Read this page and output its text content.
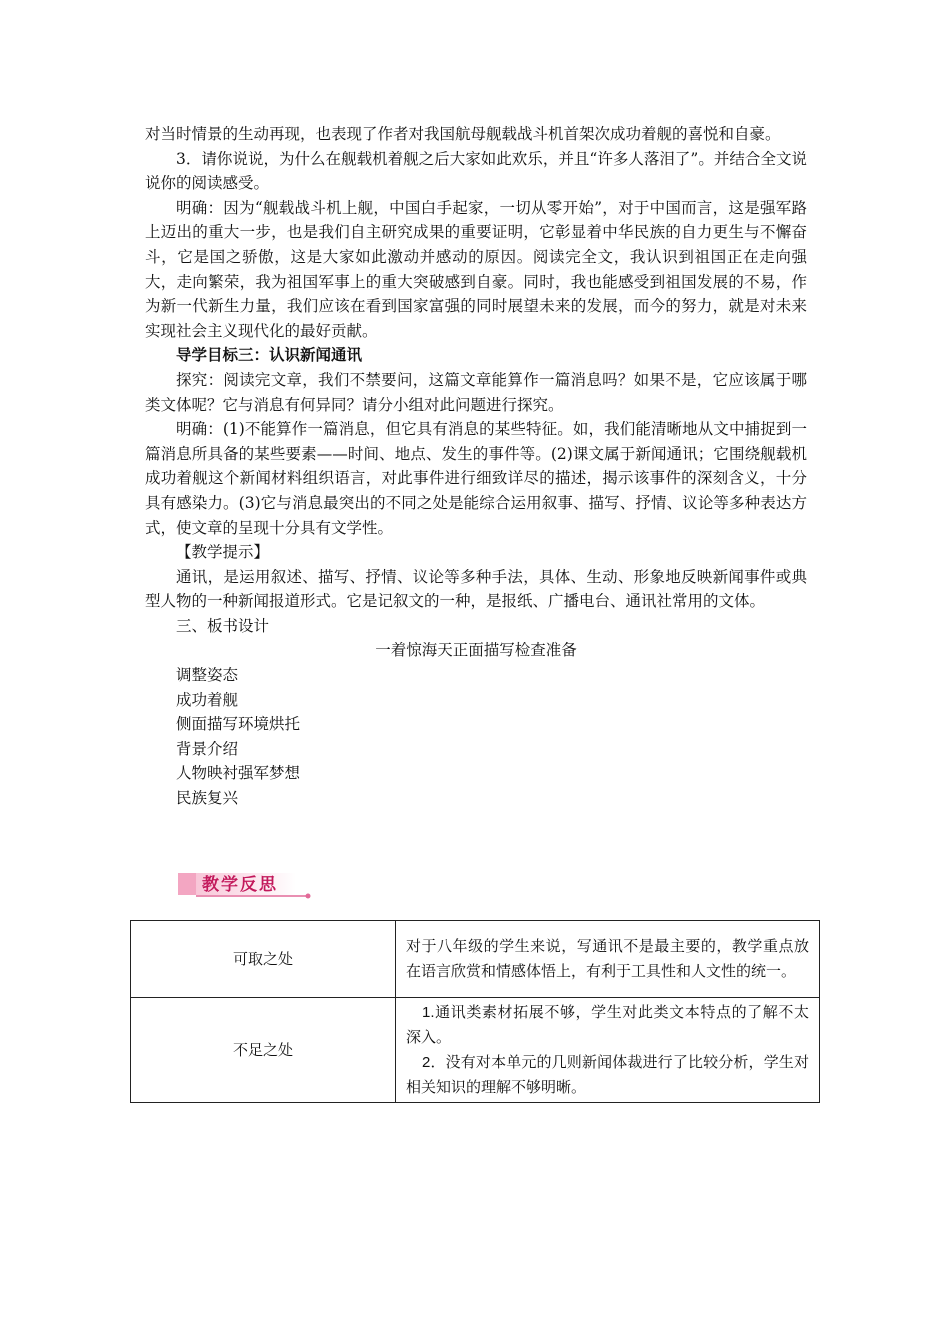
对当时情景的生动再现，也表现了作者对我国航母舰载战斗机首架次成功着舰的喜悦和自豪。

3．请你说说，为什么在舰载机着舰之后大家如此欢乐，并且“许多人落泪了”。并结合全文说说你的阅读感受。

明确：因为“舰载战斗机上舰，中国白手起家，一切从零开始”，对于中国而言，这是强军路上迈出的重大一步，也是我们自主研究成果的重要证明，它彰显着中华民族的自力更生与不懈奋斗，它是国之骄傲，这是大家如此激动并感动的原因。阅读完全文，我认识到祖国正在走向强大，走向繁荣，我为祖国军事上的重大突破感到自豪。同时，我也能感受到祖国发展的不易，作为新一代新生力量，我们应该在看到国家富强的同时展望未来的发展，而今的努力，就是对未来实现社会主义现代化的最好贡献。

导学目标三：认识新闻通讯

探究：阅读完文章，我们不禁要问，这篇文章能算作一篇消息吗？如果不是，它应该属于哪类文体呢？它与消息有何异同？请分小组对此问题进行探究。

明确：(1)不能算作一篇消息，但它具有消息的某些特征。如，我们能清晰地从文中捕捉到一篇消息所具备的某些要素——时间、地点、发生的事件等。(2)课文属于新闻通讯；它围绕舰载机成功着舰这个新闻材料组织语言，对此事件进行细致详尽的描述，揭示该事件的深刻含义，十分具有感染力。(3)它与消息最突出的不同之处是能综合运用叙事、描写、抒情、议论等多种表达方式，使文章的呈现十分具有文学性。

【教学提示】

通讯，是运用叙述、描写、抒情、议论等多种手法，具体、生动、形象地反映新闻事件或典型人物的一种新闻报道形式。它是记叙文的一种，是报纸、广播电台、通讯社常用的文体。

三、板书设计

一着惊海天正面描写检查准备

调整姿态

成功着舰

侧面描写环境烘托

背景介绍

人物映衬强军梦想

民族复兴

教学反思
可取之处	对于八年级的学生来说，写通讯不是最主要的，教学重点放在语言欣赏和情感体悟上，有利于工具性和人文性的统一。
不足之处	1.通讯类素材拓展不够，学生对此类文本特点的了解不太深入。

2．没有对本单元的几则新闻体裁进行了比较分析，学生对相关知识的理解不够明晰。
